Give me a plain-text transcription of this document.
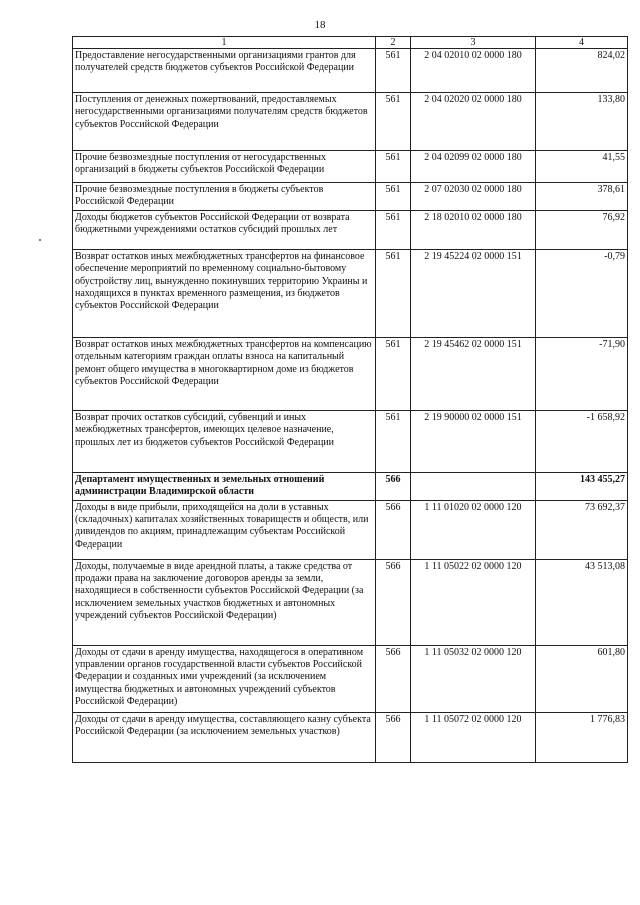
18
1	2	3	4
Предоставление негосударственными организациями грантов для получателей средств бюджетов субъектов Российской Федерации	561	2 04 02010 02 0000 180	824,02
Поступления от денежных пожертвований, предоставляемых негосударственными организациями получателям средств бюджетов субъектов Российской Федерации	561	2 04 02020 02 0000 180	133,80
Прочие безвозмездные поступления от негосударственных организаций в бюджеты субъектов Российской Федерации	561	2 04 02099 02 0000 180	41,55
Прочие безвозмездные поступления в бюджеты субъектов Российской Федерации	561	2 07 02030 02 0000 180	378,61
Доходы бюджетов субъектов Российской Федерации от возврата бюджетными учреждениями остатков субсидий прошлых лет	561	2 18 02010 02 0000 180	76,92
Возврат остатков иных межбюджетных трансфертов на финансовое обеспечение мероприятий по временному социально-бытовому обустройству лиц, вынужденно покинувших территорию Украины и находящихся в пунктах временного размещения, из бюджетов субъектов Российской Федерации	561	2 19 45224 02 0000 151	-0,79
Возврат остатков иных межбюджетных трансфертов на компенсацию отдельным категориям граждан оплаты взноса на капитальный ремонт общего имущества в многоквартирном доме из бюджетов субъектов Российской Федерации	561	2 19 45462 02 0000 151	-71,90
Возврат прочих остатков субсидий, субвенций и иных межбюджетных трансфертов, имеющих целевое назначение, прошлых лет из бюджетов субъектов Российской Федерации	561	2 19 90000 02 0000 151	-1 658,92
Департамент имущественных и земельных отношений администрации Владимирской области	566		143 455,27
Доходы в виде прибыли, приходящейся на доли в уставных (складочных) капиталах хозяйственных товариществ и обществ, или дивидендов по акциям, принадлежащим субъектам Российской Федерации	566	1 11 01020 02 0000 120	73 692,37
Доходы, получаемые в виде арендной платы, а также средства от продажи права на заключение договоров аренды за земли, находящиеся в собственности субъектов Российской Федерации (за исключением земельных участков бюджетных и автономных учреждений субъектов Российской Федерации)	566	1 11 05022 02 0000 120	43 513,08
Доходы от сдачи в аренду имущества, находящегося в оперативном управлении органов государственной власти субъектов Российской Федерации и созданных ими учреждений (за исключением имущества бюджетных и автономных учреждений субъектов Российской Федерации)	566	1 11 05032 02 0000 120	601,80
Доходы от сдачи в аренду имущества, составляющего казну субъекта Российской Федерации (за исключением земельных участков)	566	1 11 05072 02 0000 120	1 776,83
